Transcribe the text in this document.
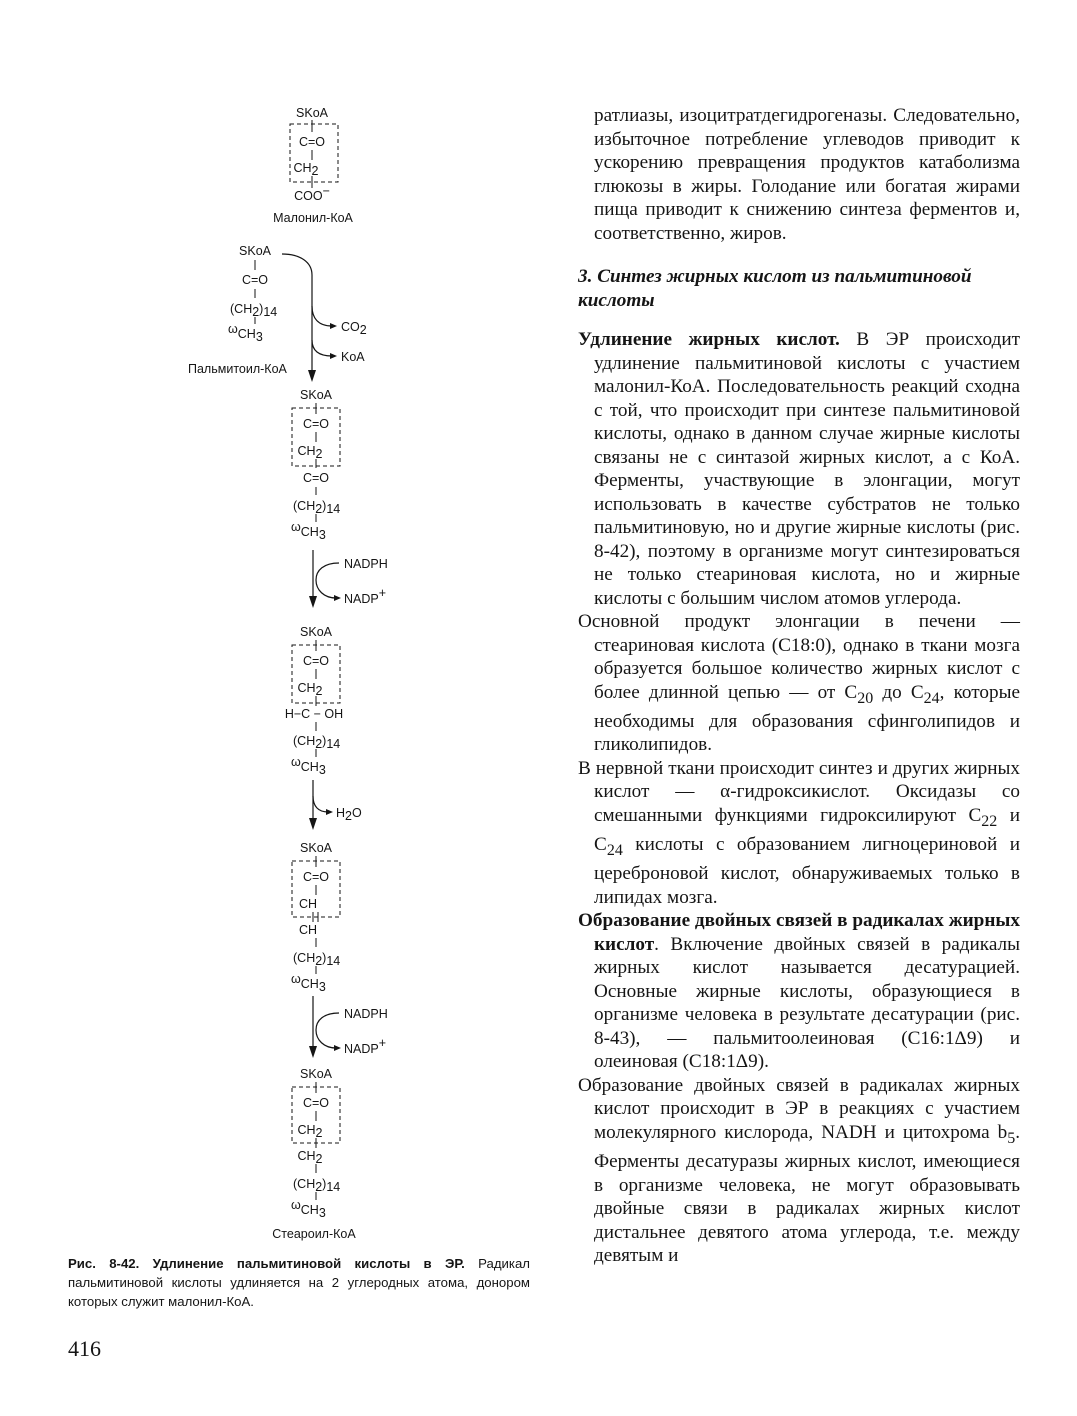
SKoA
C=O
CH2
COO−
Малонил-КоА
SKoA
C=O
(CH2)14
ωCH3
Пальмитоил-КоА
CO2
KoA
SKoA
C=O
CH2
C=O
(CH2)14
ωCH3
NADPH
NADP+
SKoA
C=O
CH2
H−C − OH
(CH2)14
ωCH3
H2O
SKoA
C=O
CH
CH
(CH2)14
ωCH3
NADPH
NADP+
SKoA
C=O
CH2
CH2
(CH2)14
ωCH3
Стеароил-КоА
Рис. 8-42. Удлинение пальмитиновой кислоты в ЭР. Радикал пальмитиновой кислоты удлиняется на 2 углеродных атома, донором которых служит малонил-КоА.
416

ратлиазы, изоцитратдегидрогеназы. Следовательно, избыточное потребление углеводов приводит к ускорению превращения продуктов катаболизма глюкозы в жиры. Голодание или богатая жирами пища приводит к снижению синтеза ферментов и, соответственно, жиров.

3. Синтез жирных кислот из пальмитиновой кислоты

Удлинение жирных кислот. В ЭР происходит удлинение пальмитиновой кислоты с участием малонил-КоА. Последовательность реакций сходна с той, что происходит при синтезе пальмитиновой кислоты, однако в данном случае жирные кислоты связаны не с синтазой жирных кислот, а с КоА. Ферменты, участвующие в элонгации, могут использовать в качестве субстратов не только пальмитиновую, но и другие жирные кислоты (рис. 8-42), поэтому в организме могут синтезироваться не только стеариновая кислота, но и жирные кислоты с большим числом атомов углерода.

Основной продукт элонгации в печени — стеариновая кислота (С18:0), однако в ткани мозга образуется большое количество жирных кислот с более длинной цепью — от $С_{20}$ до $С_{24}$, которые необходимы для образования сфинголипидов и гликолипидов.

В нервной ткани происходит синтез и других жирных кислот — α-гидроксикислот. Оксидазы со смешанными функциями гидроксилируют $С_{22}$ и $С_{24}$ кислоты с образованием лигноцериновой и цереброновой кислот, обнаруживаемых только в липидах мозга.

Образование двойных связей в радикалах жирных кислот. Включение двойных связей в радикалы жирных кислот называется десатурацией. Основные жирные кислоты, образующиеся в организме человека в результате десатурации (рис. 8-43), — пальмитоолеиновая (С16:1Δ9) и олеиновая (С18:1Δ9).

Образование двойных связей в радикалах жирных кислот происходит в ЭР в реакциях с участием молекулярного кислорода, NADH и цитохрома $b_5$. Ферменты десатуразы жирных кислот, имеющиеся в организме человека, не могут образовывать двойные связи в радикалах жирных кислот дистальнее девятого атома углерода, т.е. между девятым и
